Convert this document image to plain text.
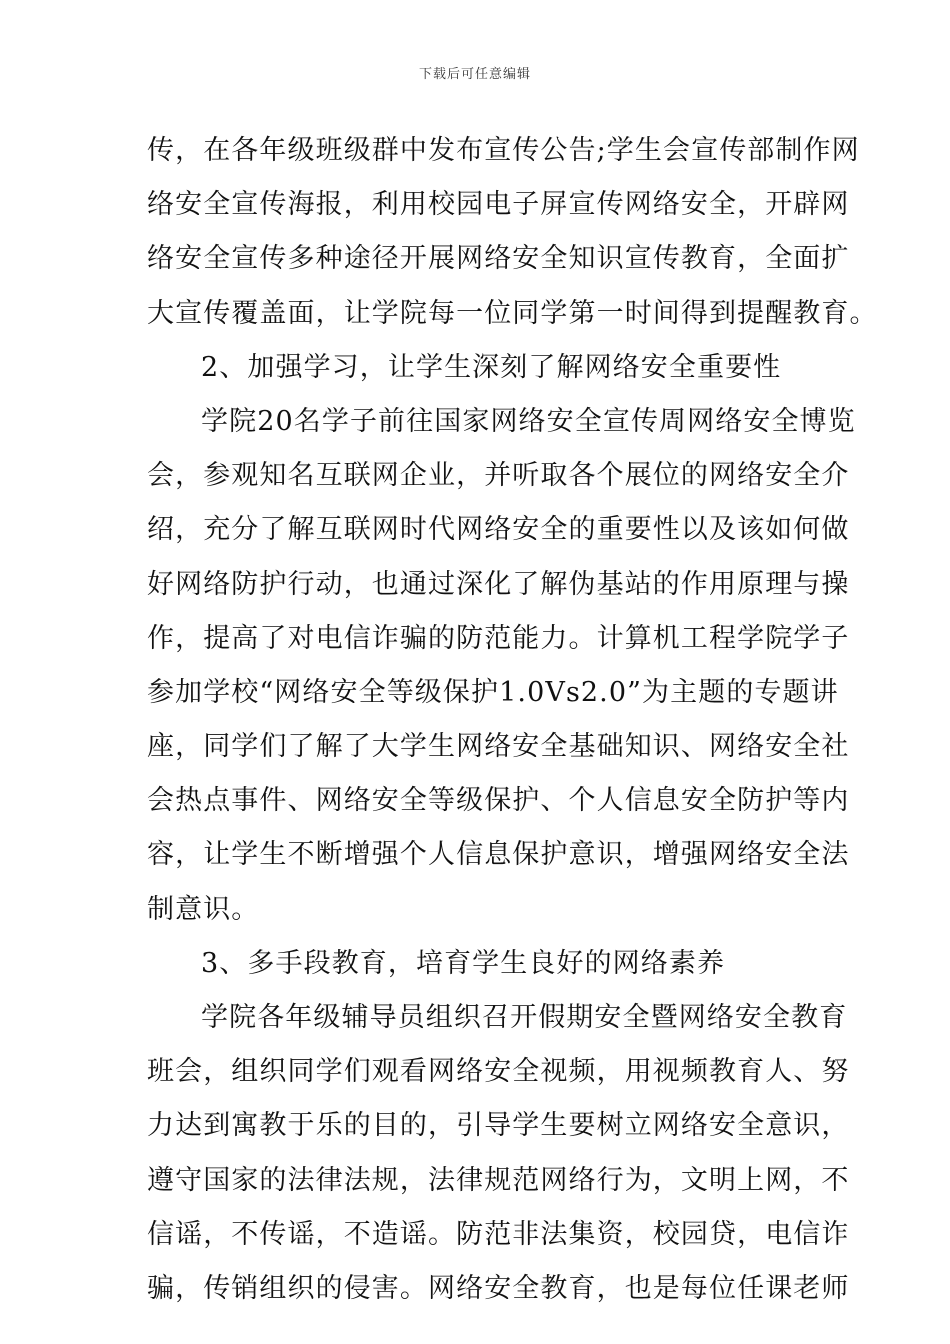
下载后可任意编辑
传，在各年级班级群中发布宣传公告;学生会宣传部制作网
络安全宣传海报，利用校园电子屏宣传网络安全，开辟网
络安全宣传多种途径开展网络安全知识宣传教育，全面扩
大宣传覆盖面，让学院每一位同学第一时间得到提醒教育。
2、加强学习，让学生深刻了解网络安全重要性
学院20名学子前往国家网络安全宣传周网络安全博览
会，参观知名互联网企业，并听取各个展位的网络安全介
绍，充分了解互联网时代网络安全的重要性以及该如何做
好网络防护行动，也通过深化了解伪基站的作用原理与操
作，提高了对电信诈骗的防范能力。计算机工程学院学子
参加学校“网络安全等级保护1.0Vs2.0”为主题的专题讲
座，同学们了解了大学生网络安全基础知识、网络安全社
会热点事件、网络安全等级保护、个人信息安全防护等内
容，让学生不断增强个人信息保护意识，增强网络安全法
制意识。
3、多手段教育，培育学生良好的网络素养
学院各年级辅导员组织召开假期安全暨网络安全教育
班会，组织同学们观看网络安全视频，用视频教育人、努
力达到寓教于乐的目的，引导学生要树立网络安全意识，
遵守国家的法律法规，法律规范网络行为，文明上网，不
信谣，不传谣，不造谣。防范非法集资，校园贷，电信诈
骗，传销组织的侵害。网络安全教育，也是每位任课老师
